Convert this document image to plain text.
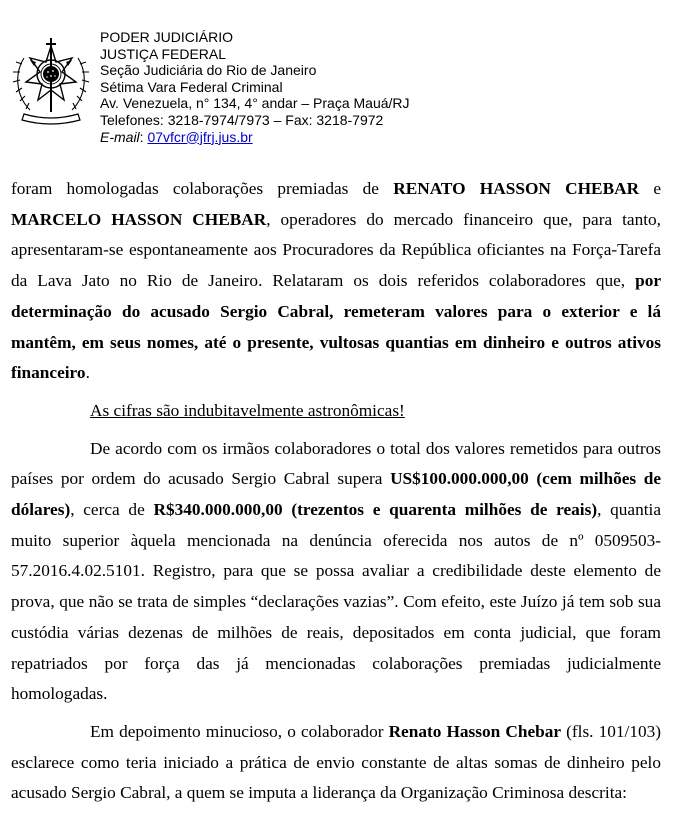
PODER JUDICIÁRIO
JUSTIÇA FEDERAL
Seção Judiciária do Rio de Janeiro
Sétima Vara Federal Criminal
Av. Venezuela, n° 134, 4° andar – Praça Mauá/RJ
Telefones: 3218-7974/7973 – Fax: 3218-7972
E-mail: 07vfcr@jfrj.jus.br

foram homologadas colaborações premiadas de RENATO HASSON CHEBAR e MARCELO HASSON CHEBAR, operadores do mercado financeiro que, para tanto, apresentaram-se espontaneamente aos Procuradores da República oficiantes na Força-Tarefa da Lava Jato no Rio de Janeiro. Relataram os dois referidos colaboradores que, por determinação do acusado Sergio Cabral, remeteram valores para o exterior e lá mantêm, em seus nomes, até o presente, vultosas quantias em dinheiro e outros ativos financeiro.

As cifras são indubitavelmente astronômicas!

De acordo com os irmãos colaboradores o total dos valores remetidos para outros países por ordem do acusado Sergio Cabral supera US$100.000.000,00 (cem milhões de dólares), cerca de R$340.000.000,00 (trezentos e quarenta milhões de reais), quantia muito superior àquela mencionada na denúncia oferecida nos autos de nº 0509503-57.2016.4.02.5101. Registro, para que se possa avaliar a credibilidade deste elemento de prova, que não se trata de simples “declarações vazias”. Com efeito, este Juízo já tem sob sua custódia várias dezenas de milhões de reais, depositados em conta judicial, que foram repatriados por força das já mencionadas colaborações premiadas judicialmente homologadas.

Em depoimento minucioso, o colaborador Renato Hasson Chebar (fls. 101/103) esclarece como teria iniciado a prática de envio constante de altas somas de dinheiro pelo acusado Sergio Cabral, a quem se imputa a liderança da Organização Criminosa descrita:
